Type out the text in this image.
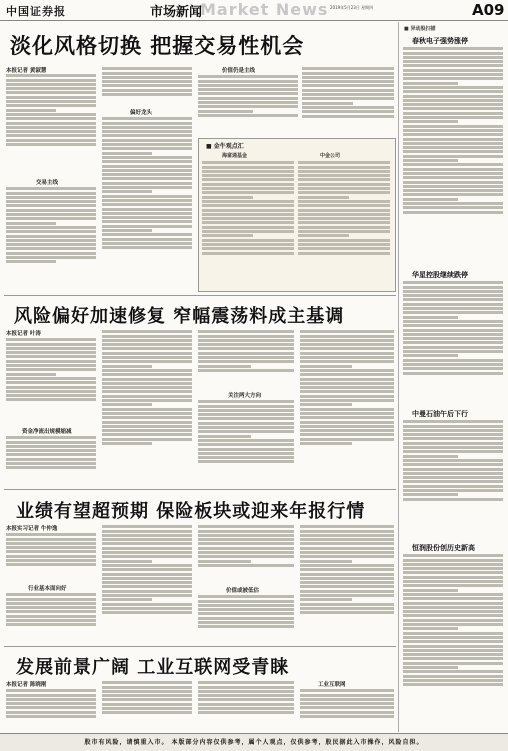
中国证券报	市场新闻
Market News 2019年5月23日 星期四	A09
淡化风格切换 把握交易性机会
本报记者 黄淑慧
交易主线
偏好龙头
价值仍是主线
■ 金牛观点汇
海富通基金	中金公司
■ 异动股扫描
春秋电子强势涨停
华星控股继续跌停
中曼石油午后下行
恒润股份创历史新高
风险偏好加速修复 窄幅震荡料成主基调
本报记者 叶涛
资金净流出规模缩减
关注两大方向
业绩有望超预期 保险板块或迎来年报行情
本报实习记者 牛仲逸
行业基本面向好	价值或被低估
发展前景广阔 工业互联网受青睐
本报记者 陈晓刚	工业互联网
股市有风险，请慎重入市。 本版部分内容仅供参考，属个人观点，仅供参考，股民据此入市操作，风险自担。
